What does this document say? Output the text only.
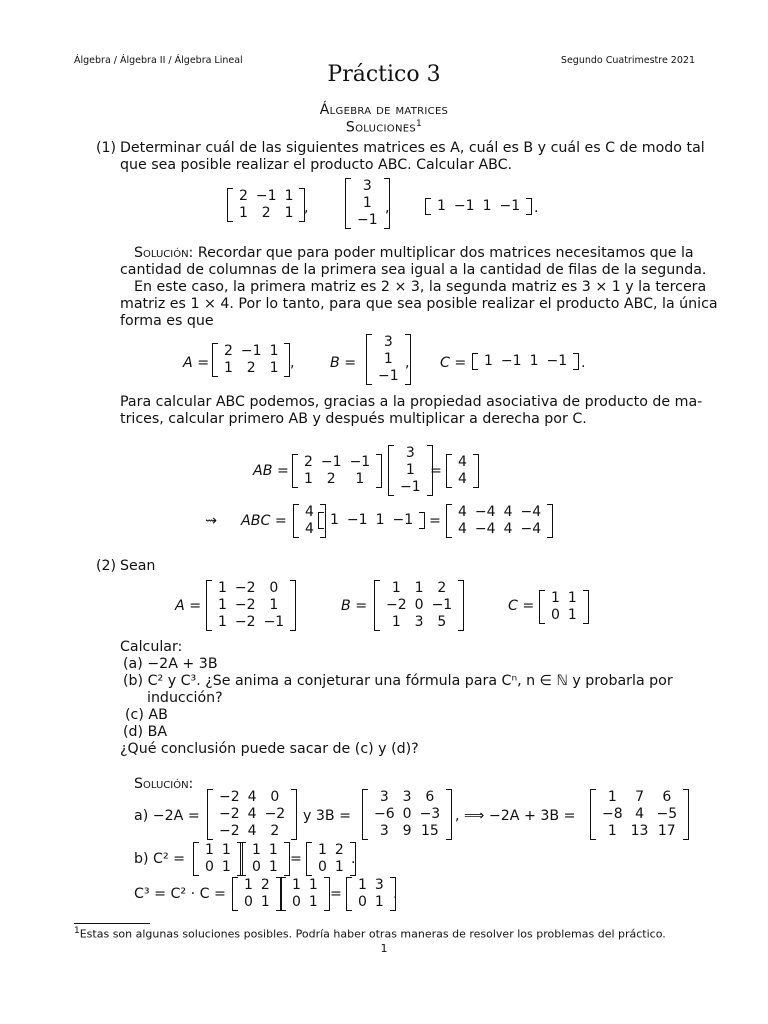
Álgebra / Álgebra II / Álgebra Lineal	Segundo Cuatrimestre 2021
Práctico 3
Álgebra de matrices
Soluciones$^1$
(1) Determinar cuál de las siguientes matrices es A, cuál es B y cuál es C de modo tal
que sea posible realizar el producto ABC. Calcular ABC.
2 −1 1
1 2 1 ,
3
1
−1
,	1 −1 1 −1 .
Solución: Recordar que para poder multiplicar dos matrices necesitamos que la
cantidad de columnas de la primera sea igual a la cantidad de filas de la segunda.
En este caso, la primera matriz es 2 × 3, la segunda matriz es 3 × 1 y la tercera
matriz es 1 × 4. Por lo tanto, para que sea posible realizar el producto ABC, la única
forma es que
A =
2 −1 1
1 2 1 , B =
3
1
−1
, C = 1 −1 1 −1 .
Para calcular ABC podemos, gracias a la propiedad asociativa de producto de ma-
trices, calcular primero AB y después multiplicar a derecha por C.
AB =
2 −1 −1
1 2	1
3
1
−1
=
4
4
⇝ ABC =
4
4
1 −1 1 −1 =
4 −4 4 −4
4 −4 4 −4
(2) Sean
A =
1 −2 0
1 −2 1
1 −2 −1
B =
1 1 2
−2 0 −1
1 3 5
C = 1 1
0 1
Calcular:
(a) −2A + 3B
(b) C² y C³. ¿Se anima a conjeturar una fórmula para Cⁿ, n ∈ ℕ y probarla por
inducción?
(c) AB
(d) BA
¿Qué conclusión puede sacar de (c) y (d)?
Solución:
a) −2A =
−2 4 0
−2 4 −2
−2 4 2
y 3B =
3 3 6
−6 0 −3
3 9 15
, ⟹ −2A + 3B =
1	7	6
−8 4 −5
1 13 17
b) C² =
1 1
0 1
1 1
0 1 =
1 2
0 1 .
C³ = C² · C =
1 2
0 1
1 1
0 1 =
1 3
0 1 .
$^1$Estas son algunas soluciones posibles. Podría haber otras maneras de resolver los problemas del práctico.
1
